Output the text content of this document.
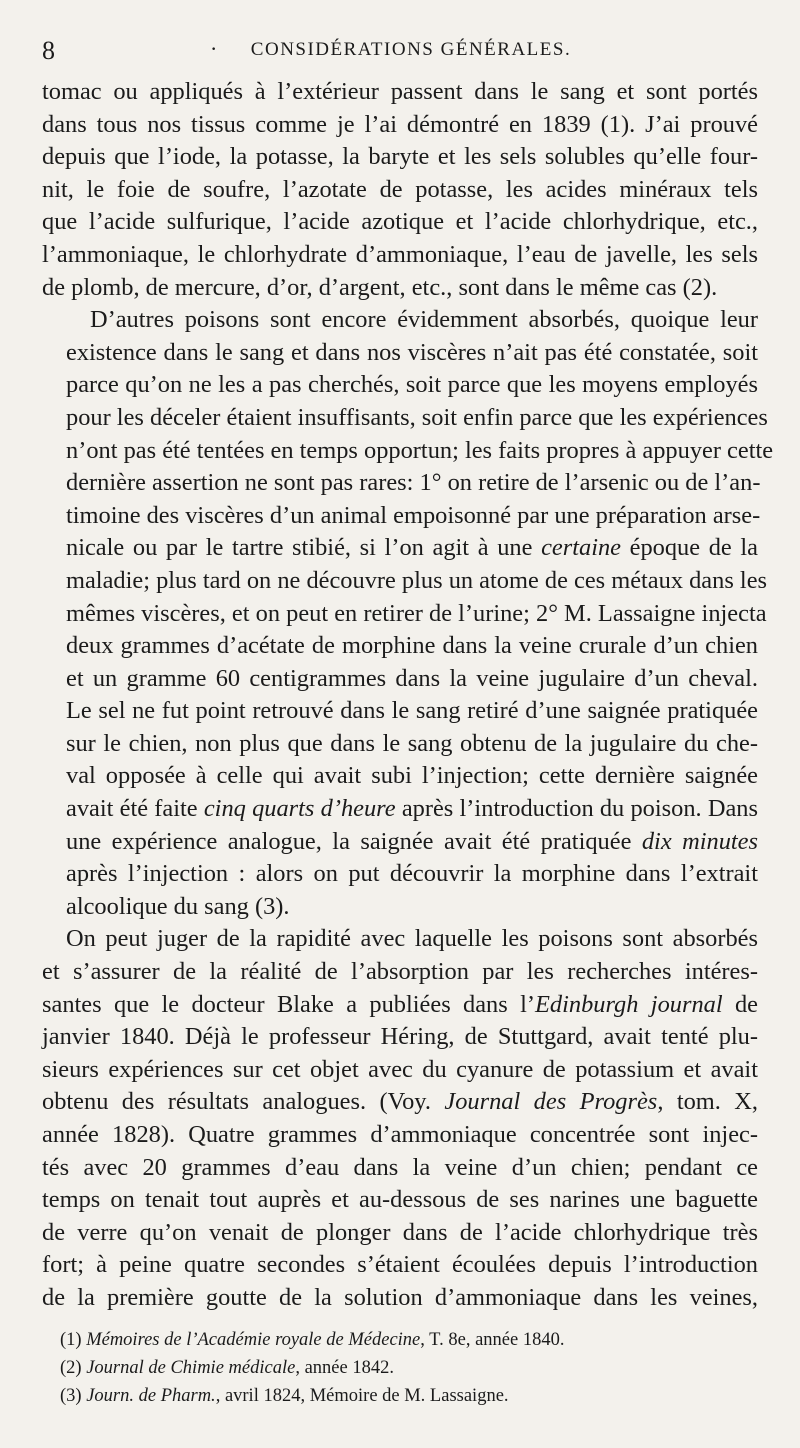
8	·	CONSIDÉRATIONS GÉNÉRALES.

tomac ou appliqués à l’extérieur passent dans le sang et sont portés
dans tous nos tissus comme je l’ai démontré en 1839 (1). J’ai prouvé
depuis que l’iode, la potasse, la baryte et les sels solubles qu’elle four-
nit, le foie de soufre, l’azotate de potasse, les acides minéraux tels
que l’acide sulfurique, l’acide azotique et l’acide chlorhydrique, etc.,
l’ammoniaque, le chlorhydrate d’ammoniaque, l’eau de javelle, les sels
de plomb, de mercure, d’or, d’argent, etc., sont dans le même cas (2).

D’autres poisons sont encore évidemment absorbés, quoique leur
existence dans le sang et dans nos viscères n’ait pas été constatée, soit
parce qu’on ne les a pas cherchés, soit parce que les moyens employés
pour les déceler étaient insuffisants, soit enfin parce que les expériences
n’ont pas été tentées en temps opportun; les faits propres à appuyer cette
dernière assertion ne sont pas rares: 1° on retire de l’arsenic ou de l’an-
timoine des viscères d’un animal empoisonné par une préparation arse-
nicale ou par le tartre stibié, si l’on agit à une certaine époque de la
maladie; plus tard on ne découvre plus un atome de ces métaux dans les
mêmes viscères, et on peut en retirer de l’urine; 2° M. Lassaigne injecta
deux grammes d’acétate de morphine dans la veine crurale d’un chien
et un gramme 60 centigrammes dans la veine jugulaire d’un cheval.
Le sel ne fut point retrouvé dans le sang retiré d’une saignée pratiquée
sur le chien, non plus que dans le sang obtenu de la jugulaire du che-
val opposée à celle qui avait subi l’injection; cette dernière saignée
avait été faite cinq quarts d’heure après l’introduction du poison. Dans
une expérience analogue, la saignée avait été pratiquée dix minutes
après l’injection : alors on put découvrir la morphine dans l’extrait
alcoolique du sang (3).

On peut juger de la rapidité avec laquelle les poisons sont absorbés
et s’assurer de la réalité de l’absorption par les recherches intéres-
santes que le docteur Blake a publiées dans l’Edinburgh journal de
janvier 1840. Déjà le professeur Héring, de Stuttgard, avait tenté plu-
sieurs expériences sur cet objet avec du cyanure de potassium et avait
obtenu des résultats analogues. (Voy. Journal des Progrès, tom. X,
année 1828). Quatre grammes d’ammoniaque concentrée sont injec-
tés avec 20 grammes d’eau dans la veine d’un chien; pendant ce
temps on tenait tout auprès et au-dessous de ses narines une baguette
de verre qu’on venait de plonger dans de l’acide chlorhydrique très
fort; à peine quatre secondes s’étaient écoulées depuis l’introduction
de la première goutte de la solution d’ammoniaque dans les veines,

(1) Mémoires de l’Académie royale de Médecine, T. 8e, année 1840.
(2) Journal de Chimie médicale, année 1842.
(3) Journ. de Pharm., avril 1824, Mémoire de M. Lassaigne.
